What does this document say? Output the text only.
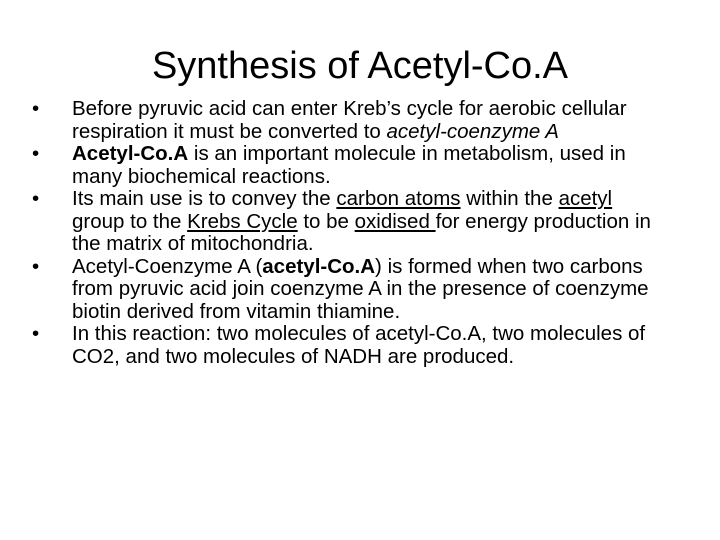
Synthesis of Acetyl-Co.A
•	Before pyruvic acid can enter Kreb’s cycle for aerobic cellular respiration it must be converted to acetyl-coenzyme A
•	Acetyl-Co.A is an important molecule in metabolism, used in many biochemical reactions.
•	Its main use is to convey the carbon atoms within the acetyl group to the Krebs Cycle to be oxidised for energy production in the matrix of mitochondria.
•	Acetyl-Coenzyme A (acetyl-Co.A) is formed when two carbons from pyruvic acid join coenzyme A in the presence of coenzyme biotin derived from vitamin thiamine.
•	In this reaction: two molecules of acetyl-Co.A, two molecules of CO2, and two molecules of NADH are produced.
